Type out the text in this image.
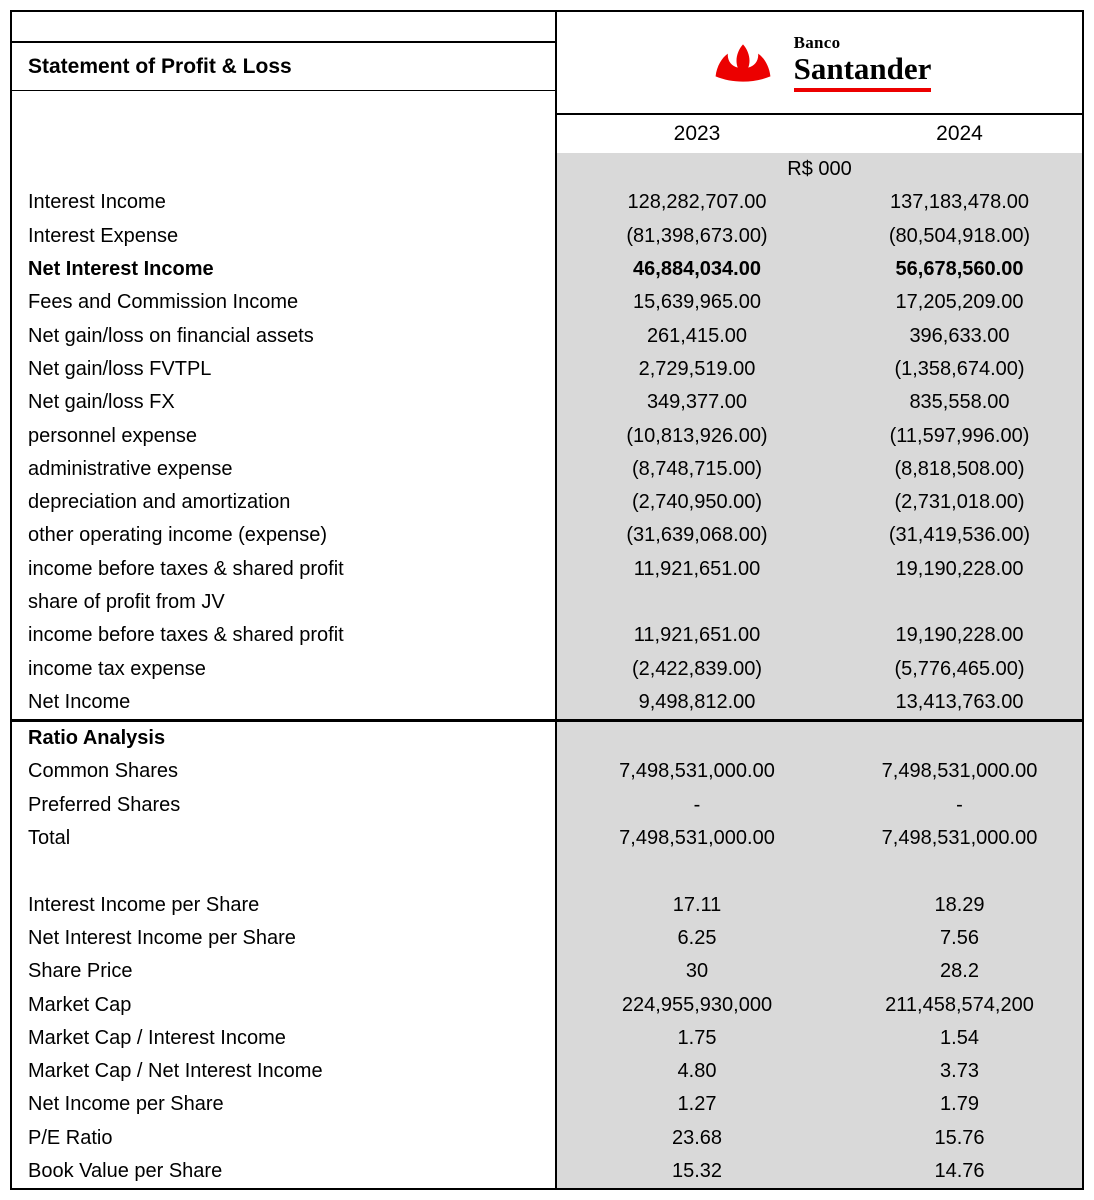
Statement of Profit & Loss
Banco
Santander
2023	2024
R$ 000
Interest Income	128,282,707.00	137,183,478.00
Interest Expense	(81,398,673.00)	(80,504,918.00)
Net Interest Income	46,884,034.00	56,678,560.00
Fees and Commission Income	15,639,965.00	17,205,209.00
Net gain/loss on financial assets	261,415.00	396,633.00
Net gain/loss FVTPL	2,729,519.00	(1,358,674.00)
Net gain/loss FX	349,377.00	835,558.00
personnel expense	(10,813,926.00)	(11,597,996.00)
administrative expense	(8,748,715.00)	(8,818,508.00)
depreciation and amortization	(2,740,950.00)	(2,731,018.00)
other operating income (expense)	(31,639,068.00)	(31,419,536.00)
income before taxes & shared profit	11,921,651.00	19,190,228.00
share of profit from JV
income before taxes & shared profit	11,921,651.00	19,190,228.00
income tax expense	(2,422,839.00)	(5,776,465.00)
Net Income	9,498,812.00	13,413,763.00
Ratio Analysis
Common Shares	7,498,531,000.00	7,498,531,000.00
Preferred Shares	-	-
Total	7,498,531,000.00	7,498,531,000.00
Interest Income per Share	17.11	18.29
Net Interest Income per Share	6.25	7.56
Share Price	30	28.2
Market Cap	224,955,930,000	211,458,574,200
Market Cap / Interest Income	1.75	1.54
Market Cap / Net Interest Income	4.80	3.73
Net Income per Share	1.27	1.79
P/E Ratio	23.68	15.76
Book Value per Share	15.32	14.76
